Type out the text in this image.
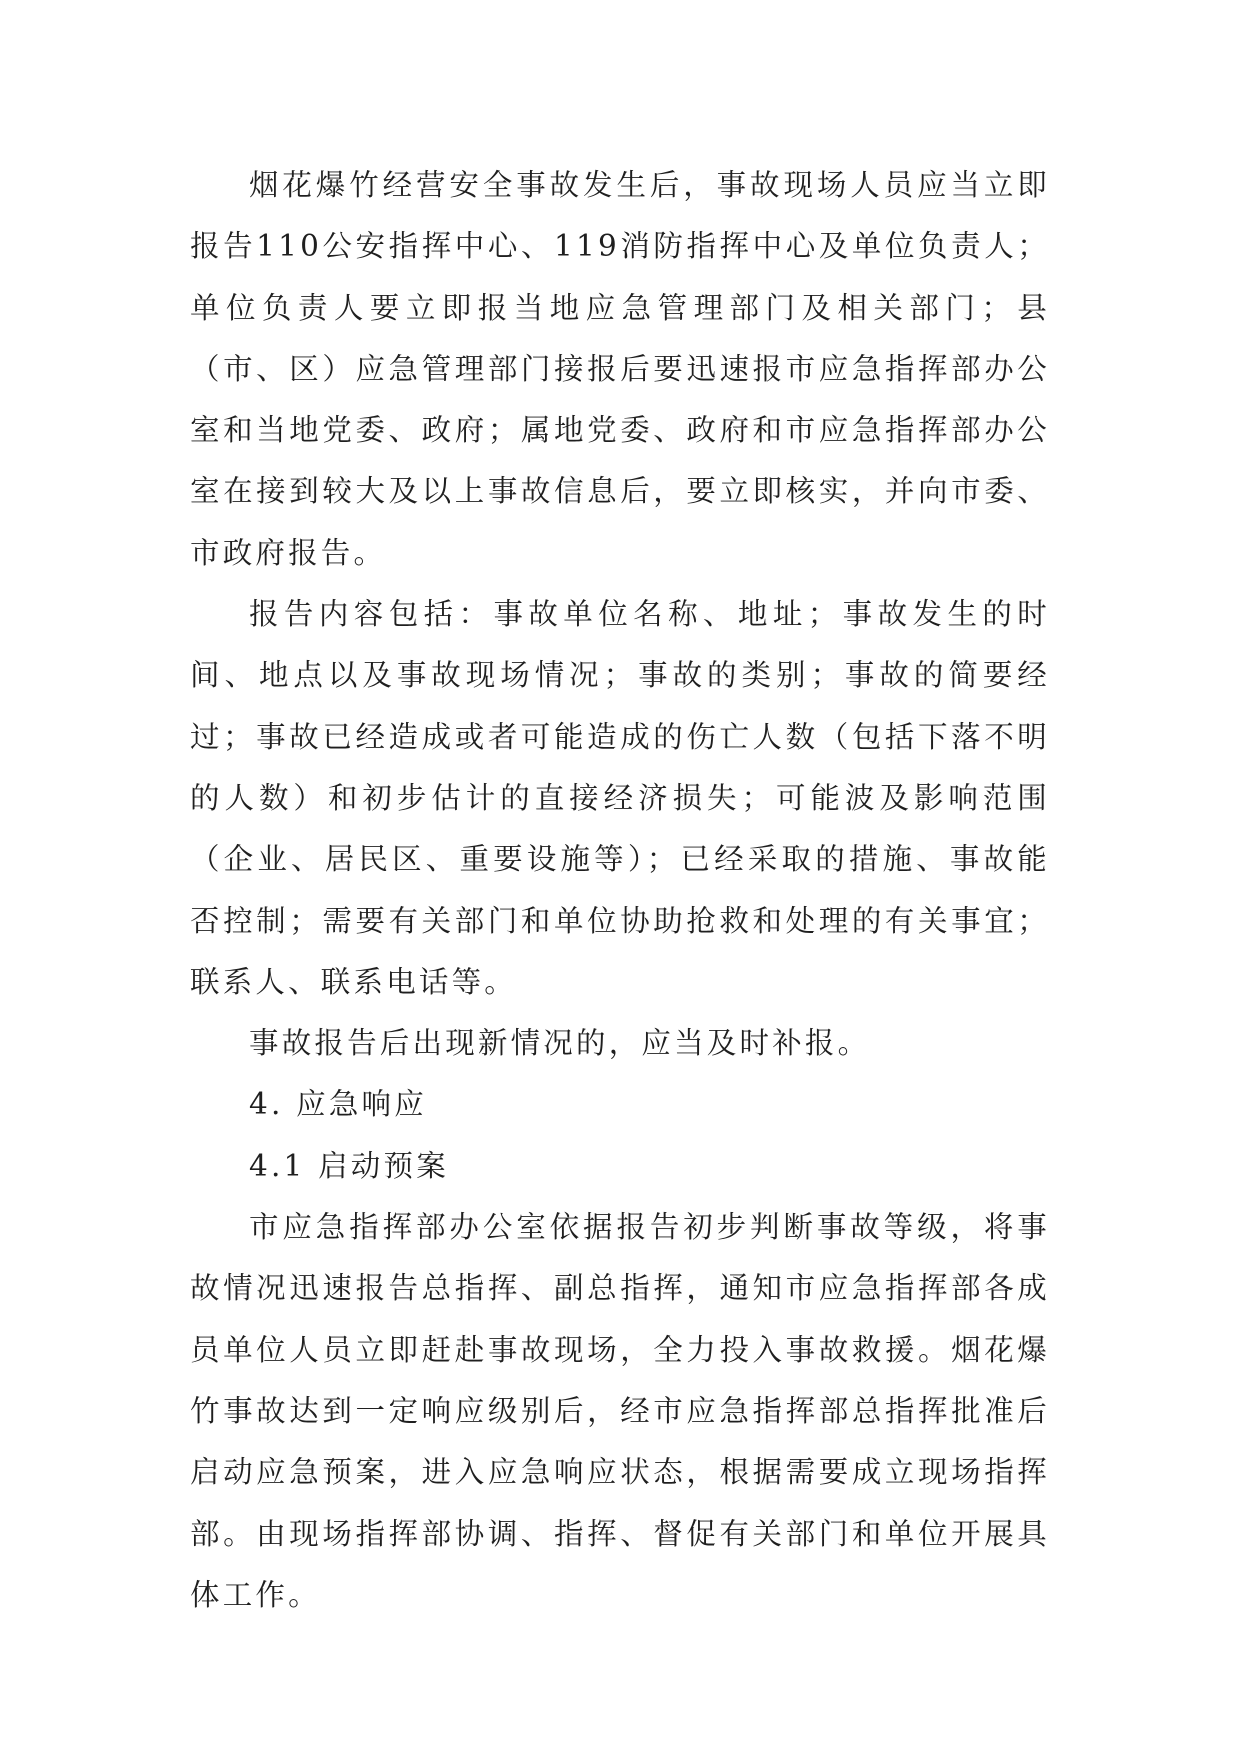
烟花爆竹经营安全事故发生后，事故现场人员应当立即报告110公安指挥中心、119消防指挥中心及单位负责人；单位负责人要立即报当地应急管理部门及相关部门；县（市、区）应急管理部门接报后要迅速报市应急指挥部办公室和当地党委、政府；属地党委、政府和市应急指挥部办公室在接到较大及以上事故信息后，要立即核实，并向市委、市政府报告。

报告内容包括：事故单位名称、地址；事故发生的时间、地点以及事故现场情况；事故的类别；事故的简要经过；事故已经造成或者可能造成的伤亡人数（包括下落不明的人数）和初步估计的直接经济损失；可能波及影响范围（企业、居民区、重要设施等）；已经采取的措施、事故能否控制；需要有关部门和单位协助抢救和处理的有关事宜；联系人、联系电话等。

事故报告后出现新情况的，应当及时补报。

4. 应急响应

4.1 启动预案

市应急指挥部办公室依据报告初步判断事故等级，将事故情况迅速报告总指挥、副总指挥，通知市应急指挥部各成员单位人员立即赶赴事故现场，全力投入事故救援。烟花爆竹事故达到一定响应级别后，经市应急指挥部总指挥批准后启动应急预案，进入应急响应状态，根据需要成立现场指挥部。由现场指挥部协调、指挥、督促有关部门和单位开展具体工作。
